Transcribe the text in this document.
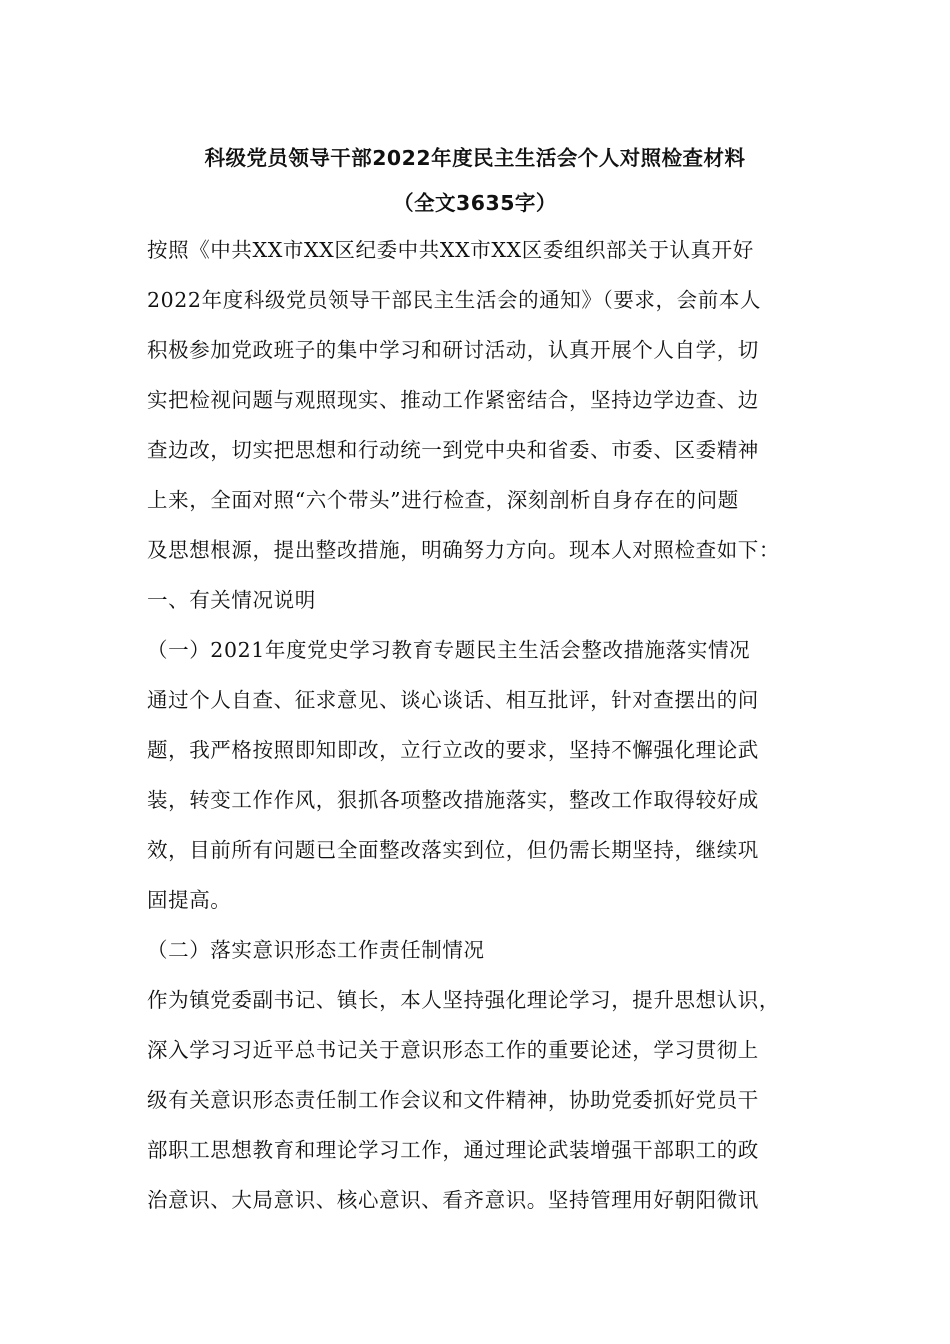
科级党员领导干部2022年度民主生活会个人对照检查材料
（全文3635字）
按照《中共XX市XX区纪委中共XX市XX区委组织部关于认真开好
2022年度科级党员领导干部民主生活会的通知》（要求，会前本人
积极参加党政班子的集中学习和研讨活动，认真开展个人自学，切
实把检视问题与观照现实、推动工作紧密结合，坚持边学边查、边
查边改，切实把思想和行动统一到党中央和省委、市委、区委精神
上来，全面对照“六个带头”进行检查，深刻剖析自身存在的问题
及思想根源，提出整改措施，明确努力方向。现本人对照检查如下：
一、有关情况说明
（一）2021年度党史学习教育专题民主生活会整改措施落实情况
通过个人自查、征求意见、谈心谈话、相互批评，针对查摆出的问
题，我严格按照即知即改，立行立改的要求，坚持不懈强化理论武
装，转变工作作风，狠抓各项整改措施落实，整改工作取得较好成
效，目前所有问题已全面整改落实到位，但仍需长期坚持，继续巩
固提高。
（二）落实意识形态工作责任制情况
作为镇党委副书记、镇长，本人坚持强化理论学习，提升思想认识，
深入学习习近平总书记关于意识形态工作的重要论述，学习贯彻上
级有关意识形态责任制工作会议和文件精神，协助党委抓好党员干
部职工思想教育和理论学习工作，通过理论武装增强干部职工的政
治意识、大局意识、核心意识、看齐意识。坚持管理用好朝阳微讯
